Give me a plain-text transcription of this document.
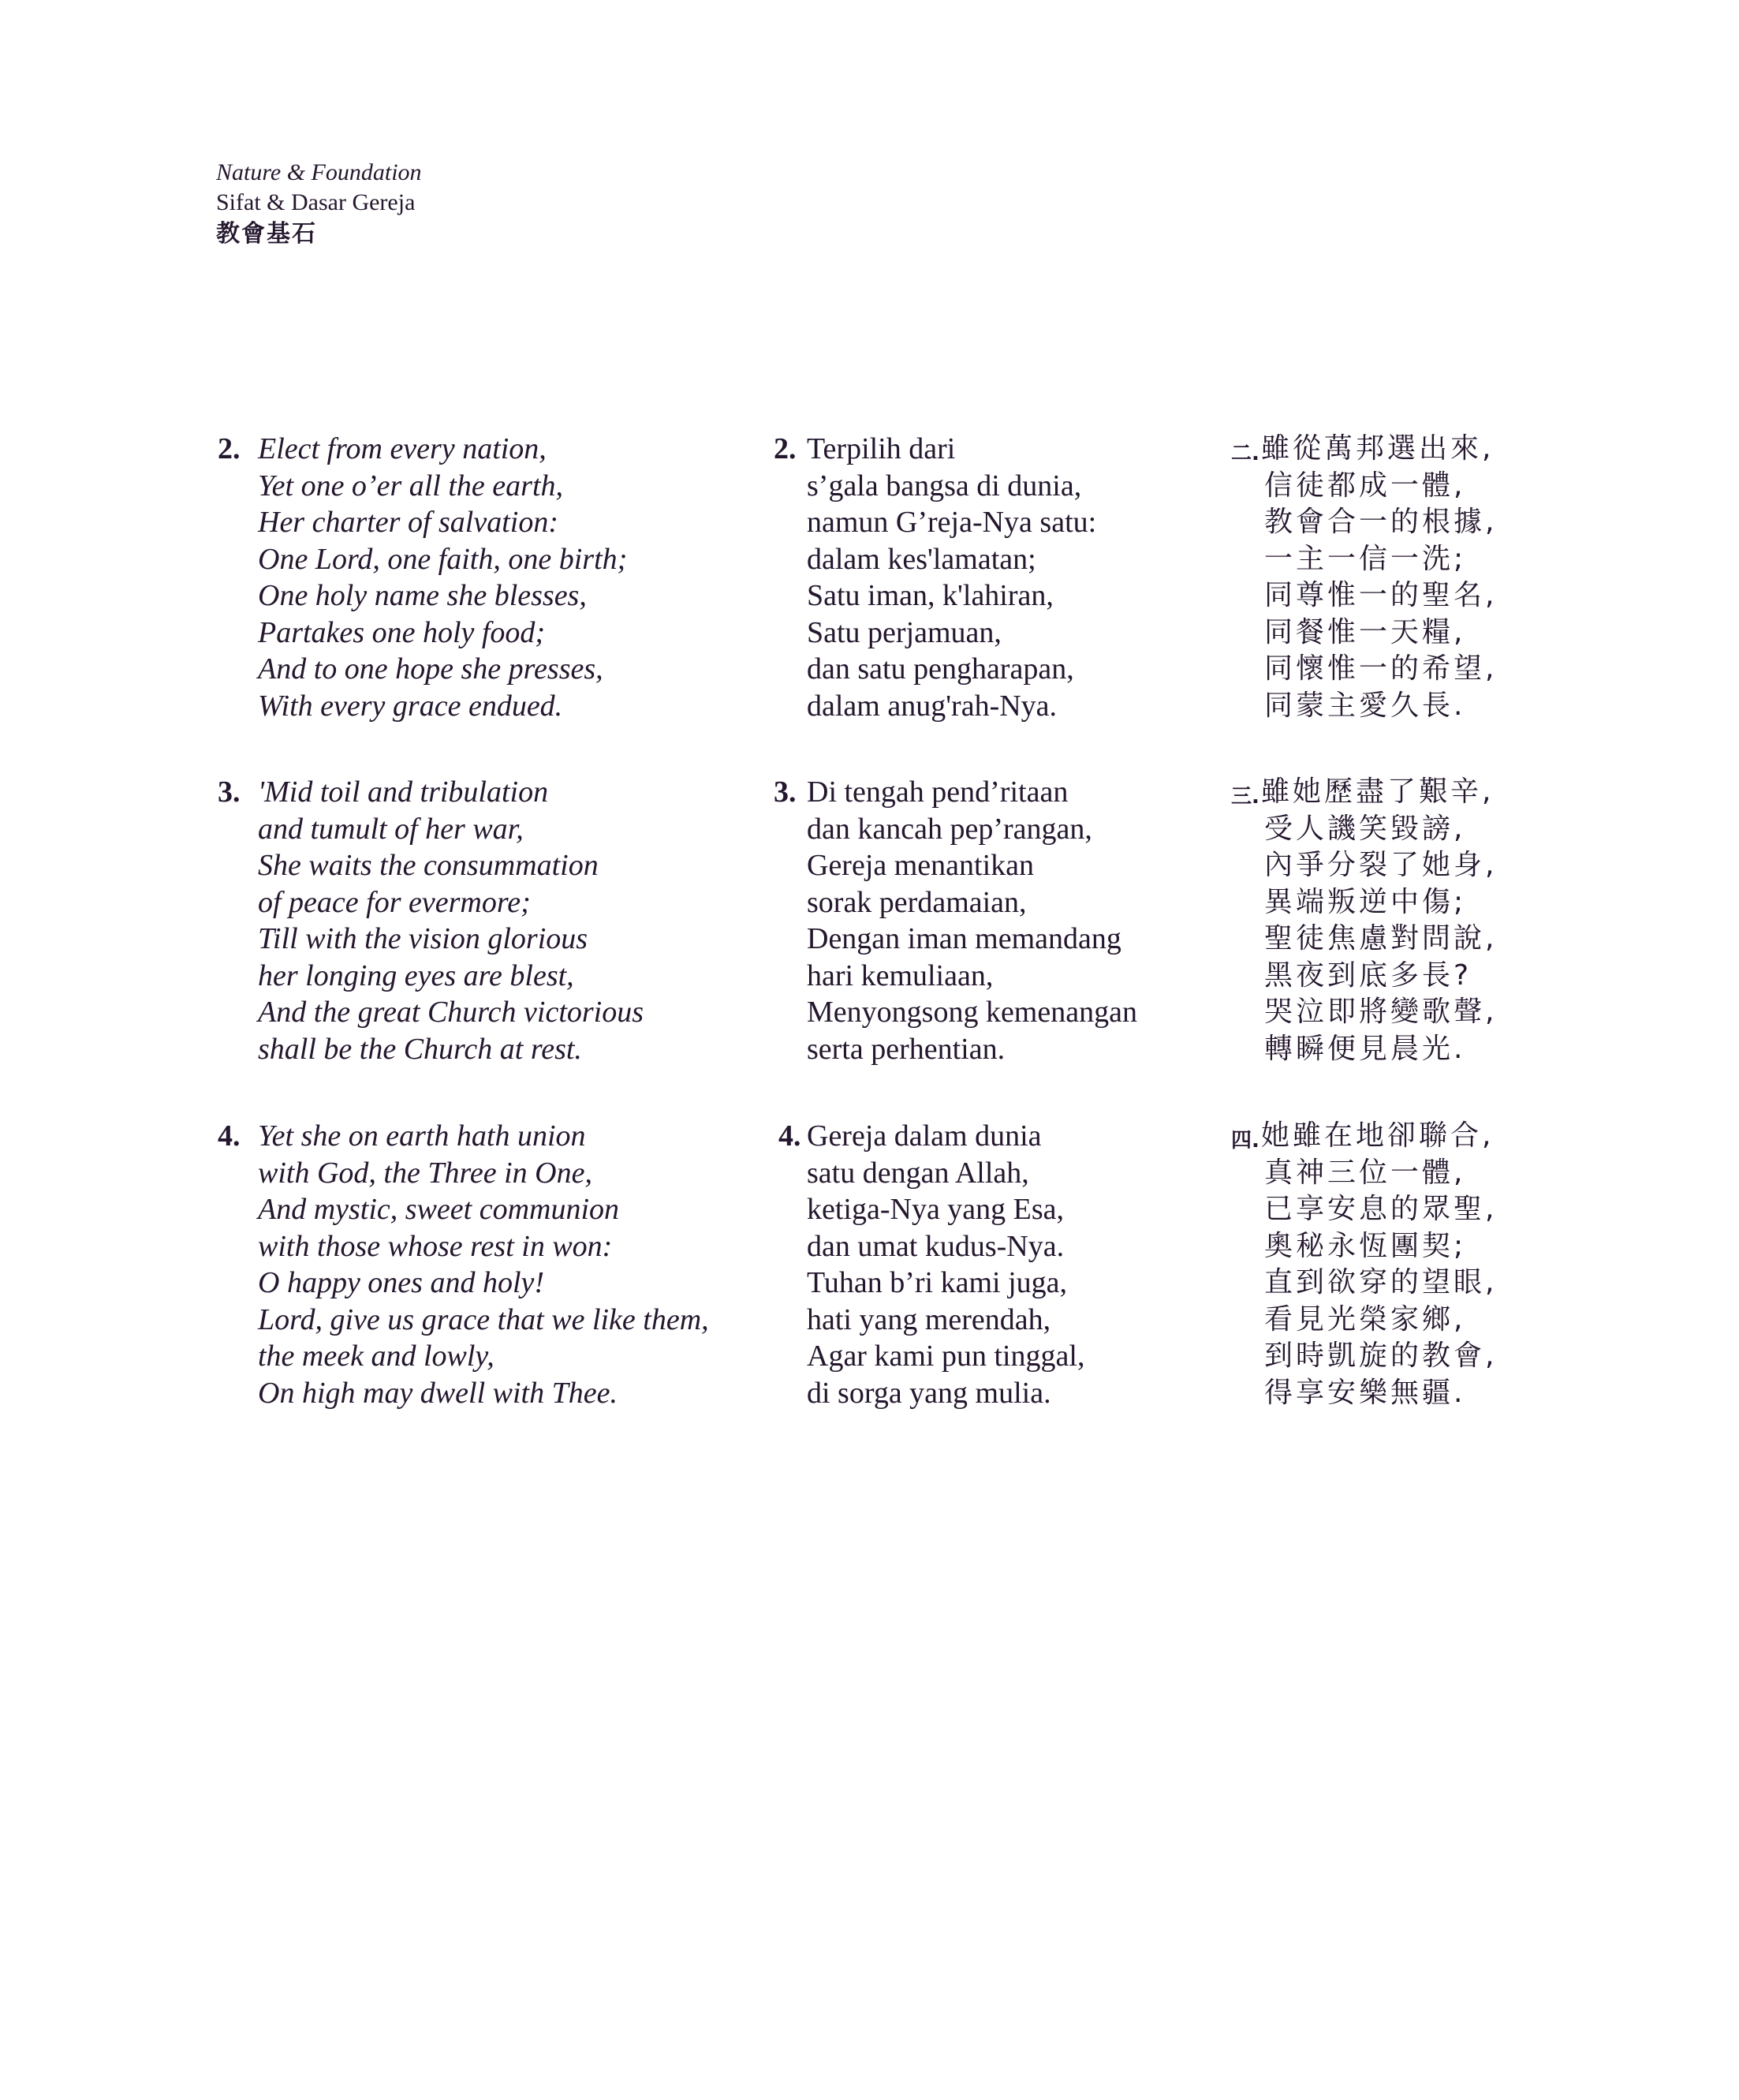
Nature & Foundation
Sifat & Dasar Gereja
教會基石
2. Elect from every nation,
Yet one o’er all the earth,
Her charter of salvation:
One Lord, one faith, one birth;
One holy name she blesses,
Partakes one holy food;
And to one hope she presses,
With every grace endued.
2. Terpilih dari
s’gala bangsa di dunia,
namun G’reja-Nya satu:
dalam kes'lamatan;
Satu iman, k'lahiran,
Satu perjamuan,
dan satu pengharapan,
dalam anug'rah-Nya.
二. 雖從萬邦選出來,
信徒都成一體,
教會合一的根據,
一主一信一洗;
同尊惟一的聖名,
同餐惟一天糧,
同懷惟一的希望,
同蒙主愛久長.
3. 'Mid toil and tribulation
and tumult of her war,
She waits the consummation
of peace for evermore;
Till with the vision glorious
her longing eyes are blest,
And the great Church victorious
shall be the Church at rest.
3. Di tengah pend’ritaan
dan kancah pep’rangan,
Gereja menantikan
sorak perdamaian,
Dengan iman memandang
hari kemuliaan,
Menyongsong kemenangan
serta perhentian.
三. 雖她歷盡了艱辛,
受人譏笑毀謗,
內爭分裂了她身,
異端叛逆中傷;
聖徒焦慮對問說,
黑夜到底多長?
哭泣即將變歌聲,
轉瞬便見晨光.
4. Yet she on earth hath union
with God, the Three in One,
And mystic, sweet communion
with those whose rest in won:
O happy ones and holy!
Lord, give us grace that we like them,
the meek and lowly,
On high may dwell with Thee.
4. Gereja dalam dunia
satu dengan Allah,
ketiga-Nya yang Esa,
dan umat kudus-Nya.
Tuhan b’ri kami juga,
hati yang merendah,
Agar kami pun tinggal,
di sorga yang mulia.
四. 她雖在地卻聯合,
真神三位一體,
已享安息的眾聖,
奧秘永恆團契;
直到欲穿的望眼,
看見光榮家鄉,
到時凱旋的教會,
得享安樂無疆.
